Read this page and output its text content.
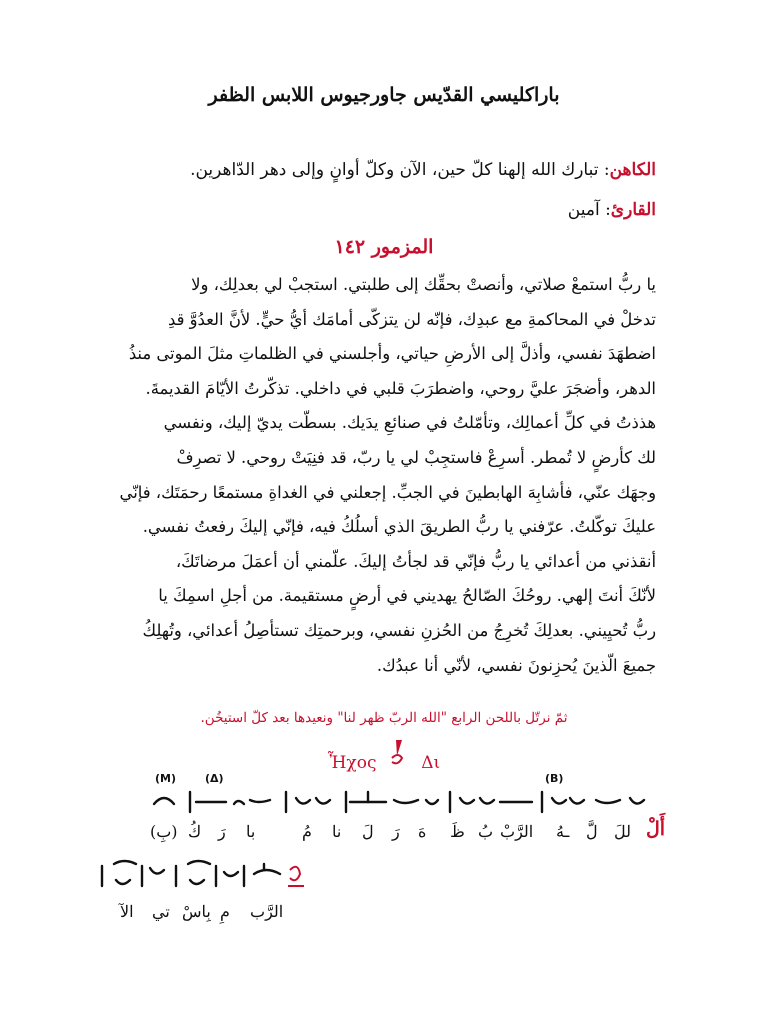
باراكليسي القدّيس جاورجيوس اللابس الظفر
الكاهن: تبارك الله إلهنا كلّ حين، الآن وكلّ أوانٍ وإلى دهر الدّاهرين.
القارئ: آمين
المزمور ١٤٢

يا ربُّ استمعْ صلاتي، وأنصتْ بحقِّك إلى طلبتي. استجبْ لي بعدلِك، ولا

تدخلْ في المحاكمةِ مع عبدِك، فإنّه لن يتزكّى أمامَك أيُّ حيٍّ. لأنَّ العدُوَّ قدِ

اضطهَدَ نفسي، وأذلَّ إلى الأرضِ حياتي، وأجلسني في الظلماتِ مثلَ الموتى منذُ

الدهر، وأضجَرَ عليَّ روحي، واضطرَبَ قلبي في داخلي. تذكّرتُ الأيّامَ القديمةَ.

هذذتُ في كلِّ أعمالِك، وتأمّلتُ في صنائعِ يدَيك. بسطّت يديّ إليك، ونفسي

لك كأرضٍ لا تُمطر. أسرِعْ فاستجِبْ لي يا ربّ، قد فنِيَتْ روحي. لا تصرِفْ

وجهَك عنّي، فأشابِهَ الهابطينَ في الجبِّ. إجعلني في الغداةِ مستمعًا رحمَتَك، فإنّي

عليكَ توكّلتُ. عرّفني يا ربُّ الطريقَ الذي أسلُكُ فيه، فإنّي إليكَ رفعتُ نفسي.

أنقذني من أعدائي يا ربُّ فإنّي قد لجأتُ إليكَ. علّمني أن أعمَلَ مرضاتَكَ،

لأنّكَ أنتَ إلهي. روحُكَ الصّالحُ يهديني في أرضٍ مستقيمة. من أجلِ اسمِكَ يا

ربُّ تُحيِيني. بعدلِكَ تُخرِجُ من الحُزنِ نفسي، وبرحمتِك تستأصِلُ أعدائي، وتُهلِكُ

جميعَ الّذينَ يُحزِنونَ نفسي، لأنّي أنا عبدُك.

ثمّ نرتّل باللحن الرابع "الله الربّ ظهر لنا" ونعيدها بعد كلّ استيخُن.
Ἦχος	Δι
(M)	(Δ)	(B)
(بِ) كُ رَ با	مُ نا لَ رَ هَ ظَ بُ الرَّبْ ـهُ لَّ للَ أَلْ
الآ تي بِاسْ مِ الرَّب
